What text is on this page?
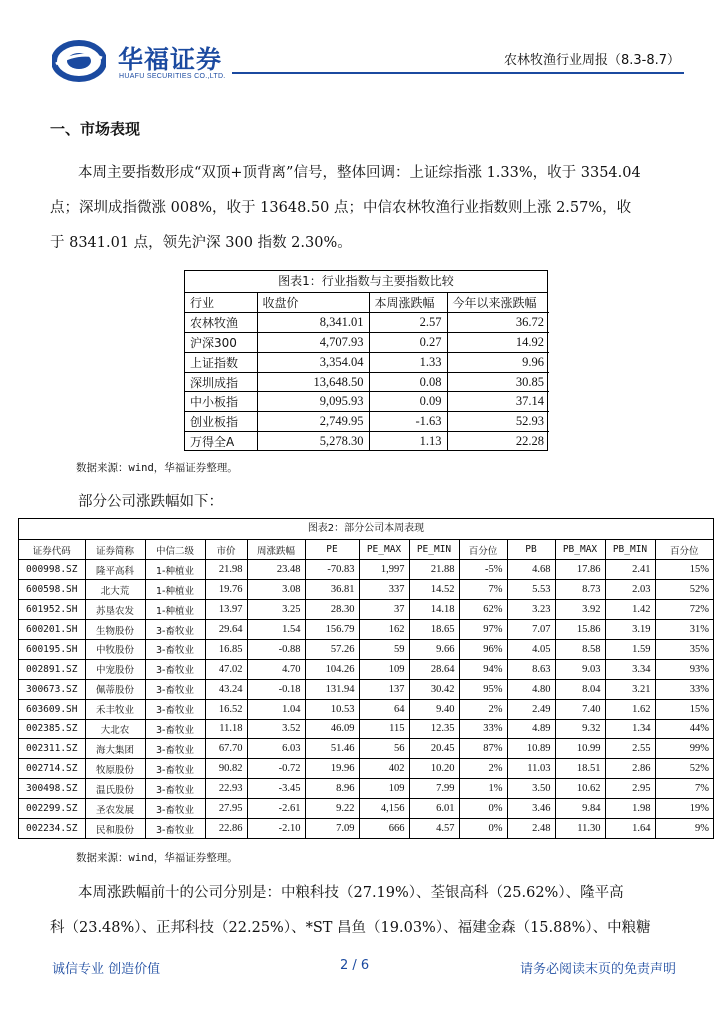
华福证券
HUAFU SECURITIES CO.,LTD.
农林牧渔行业周报（8.3-8.7）
一、市场表现
本周主要指数形成“双顶+顶背离”信号，整体回调：上证综指涨 1.33%，收于 3354.04
点；深圳成指微涨 008%，收于 13648.50 点；中信农林牧渔行业指数则上涨 2.57%，收
于 8341.01 点，领先沪深 300 指数 2.30%。
图表1：行业指数与主要指数比较
行业	收盘价	本周涨跌幅	今年以来涨跌幅
农林牧渔	8,341.01	2.57	36.72
沪深300	4,707.93	0.27	14.92
上证指数	3,354.04	1.33	9.96
深圳成指	13,648.50	0.08	30.85
中小板指	9,095.93	0.09	37.14
创业板指	2,749.95	-1.63	52.93
万得全A	5,278.30	1.13	22.28
数据来源：wind，华福证券整理。
部分公司涨跌幅如下：
图表2：部分公司本周表现
证券代码	证券简称	中信二级	市价	周涨跌幅	PE	PE_MAX	PE_MIN	百分位	PB	PB_MAX	PB_MIN	百分位
000998.SZ	隆平高科	1-种植业	21.98	23.48	-70.83	1,997	21.88	-5%	4.68	17.86	2.41	15%
600598.SH	北大荒	1-种植业	19.76	3.08	36.81	337	14.52	7%	5.53	8.73	2.03	52%
601952.SH	苏垦农发	1-种植业	13.97	3.25	28.30	37	14.18	62%	3.23	3.92	1.42	72%
600201.SH	生物股份	3-畜牧业	29.64	1.54	156.79	162	18.65	97%	7.07	15.86	3.19	31%
600195.SH	中牧股份	3-畜牧业	16.85	-0.88	57.26	59	9.66	96%	4.05	8.58	1.59	35%
002891.SZ	中宠股份	3-畜牧业	47.02	4.70	104.26	109	28.64	94%	8.63	9.03	3.34	93%
300673.SZ	佩蒂股份	3-畜牧业	43.24	-0.18	131.94	137	30.42	95%	4.80	8.04	3.21	33%
603609.SH	禾丰牧业	3-畜牧业	16.52	1.04	10.53	64	9.40	2%	2.49	7.40	1.62	15%
002385.SZ	大北农	3-畜牧业	11.18	3.52	46.09	115	12.35	33%	4.89	9.32	1.34	44%
002311.SZ	海大集团	3-畜牧业	67.70	6.03	51.46	56	20.45	87%	10.89	10.99	2.55	99%
002714.SZ	牧原股份	3-畜牧业	90.82	-0.72	19.96	402	10.20	2%	11.03	18.51	2.86	52%
300498.SZ	温氏股份	3-畜牧业	22.93	-3.45	8.96	109	7.99	1%	3.50	10.62	2.95	7%
002299.SZ	圣农发展	3-畜牧业	27.95	-2.61	9.22	4,156	6.01	0%	3.46	9.84	1.98	19%
002234.SZ	民和股份	3-畜牧业	22.86	-2.10	7.09	666	4.57	0%	2.48	11.30	1.64	9%
数据来源：wind，华福证券整理。
本周涨跌幅前十的公司分别是：中粮科技（27.19%）、荃银高科（25.62%）、隆平高
科（23.48%）、正邦科技（22.25%）、*ST 昌鱼（19.03%）、福建金森（15.88%）、中粮糖
诚信专业 创造价值	2 / 6	请务必阅读末页的免责声明
